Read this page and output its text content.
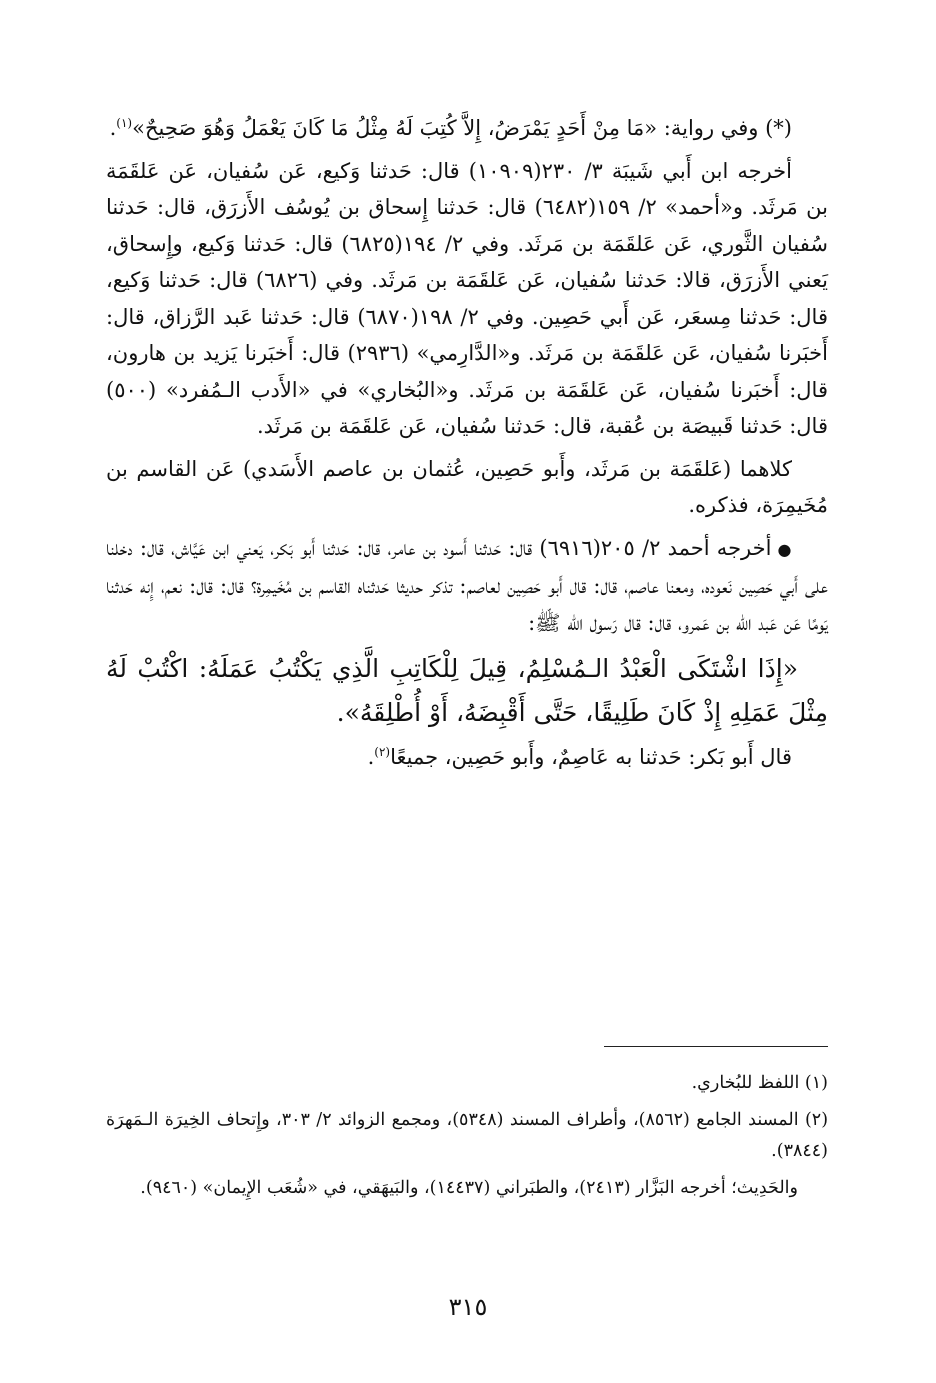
(*) وفي رواية: «مَا مِنْ أَحَدٍ يَمْرَضُ، إِلاَّ كُتِبَ لَهُ مِثْلُ مَا كَانَ يَعْمَلُ وَهُوَ صَحِيحٌ»$^{(١)}$.

أخرجه ابن أَبي شَيبَة ٣/ ٢٣٠(١٠٩٠٩) قال: حَدثنا وَكيع، عَن سُفيان، عَن عَلقَمَة بن مَرثَد. و«أحمد» ٢/ ١٥٩(٦٤٨٢) قال: حَدثنا إِسحاق بن يُوسُف الأَزرَق، قال: حَدثنا سُفيان الثَّوري، عَن عَلقَمَة بن مَرثَد. وفي ٢/ ١٩٤(٦٨٢٥) قال: حَدثنا وَكيع، وإِسحاق، يَعني الأَزرَق، قالا: حَدثنا سُفيان، عَن عَلقَمَة بن مَرثَد. وفي (٦٨٢٦) قال: حَدثنا وَكيع، قال: حَدثنا مِسعَر، عَن أَبي حَصِين. وفي ٢/ ١٩٨(٦٨٧٠) قال: حَدثنا عَبد الرَّزاق، قال: أَخبَرنا سُفيان، عَن عَلقَمَة بن مَرثَد. و«الدَّارِمي» (٢٩٣٦) قال: أَخبَرنا يَزيد بن هارون، قال: أَخبَرنا سُفيان، عَن عَلقَمَة بن مَرثَد. و«البُخاري» في «الأَدب الـمُفرد» (٥٠٠) قال: حَدثنا قَبيصَة بن عُقبة، قال: حَدثنا سُفيان، عَن عَلقَمَة بن مَرثَد.

كلاهما (عَلقَمَة بن مَرثَد، وأَبو حَصِين، عُثمان بن عاصم الأَسَدي) عَن القاسم بن مُخَيمِرَة، فذكره.

●أخرجه أحمد ٢/ ٢٠٥(٦٩١٦) قال: حَدثنا أَسود بن عامر، قال: حَدثنا أَبو بَكر، يَعني ابن عَيَّاش، قال: دخلنا على أَبي حَصِين نَعوده، ومعنا عاصم، قال: قال أَبو حَصِين لعاصم: تذكر حديثا حَدثناه القاسم بن مُخَيمِرة؟ قال: قال: نعم، إِنه حَدثنا يَومًا عَن عَبد الله بن عَمرو، قال: قال رَسول الله ﷺ:

«إِذَا اشْتَكَى الْعَبْدُ الـمُسْلِمُ، قِيلَ لِلْكَاتِبِ الَّذِي يَكْتُبُ عَمَلَهُ: اكْتُبْ لَهُ مِثْلَ عَمَلِهِ إِذْ كَانَ طَلِيقًا، حَتَّى أَقْبِضَهُ، أَوْ أُطْلِقَهُ».

قال أَبو بَكر: حَدثنا به عَاصِمٌ، وأَبو حَصِين، جميعًا$^{(٢)}$.

(١) اللفظ للبُخاري.

(٢) المسند الجامع (٨٥٦٢)، وأطراف المسند (٥٣٤٨)، ومجمع الزوائد ٢/ ٣٠٣، وإِتحاف الخِيرَة الـمَهرَة (٣٨٤٤).

والحَدِيث؛ أخرجه البَزَّار (٢٤١٣)، والطبَراني (١٤٤٣٧)، والبَيهَقي، في «شُعَب الإِيمان» (٩٤٦٠).

٣١٥
